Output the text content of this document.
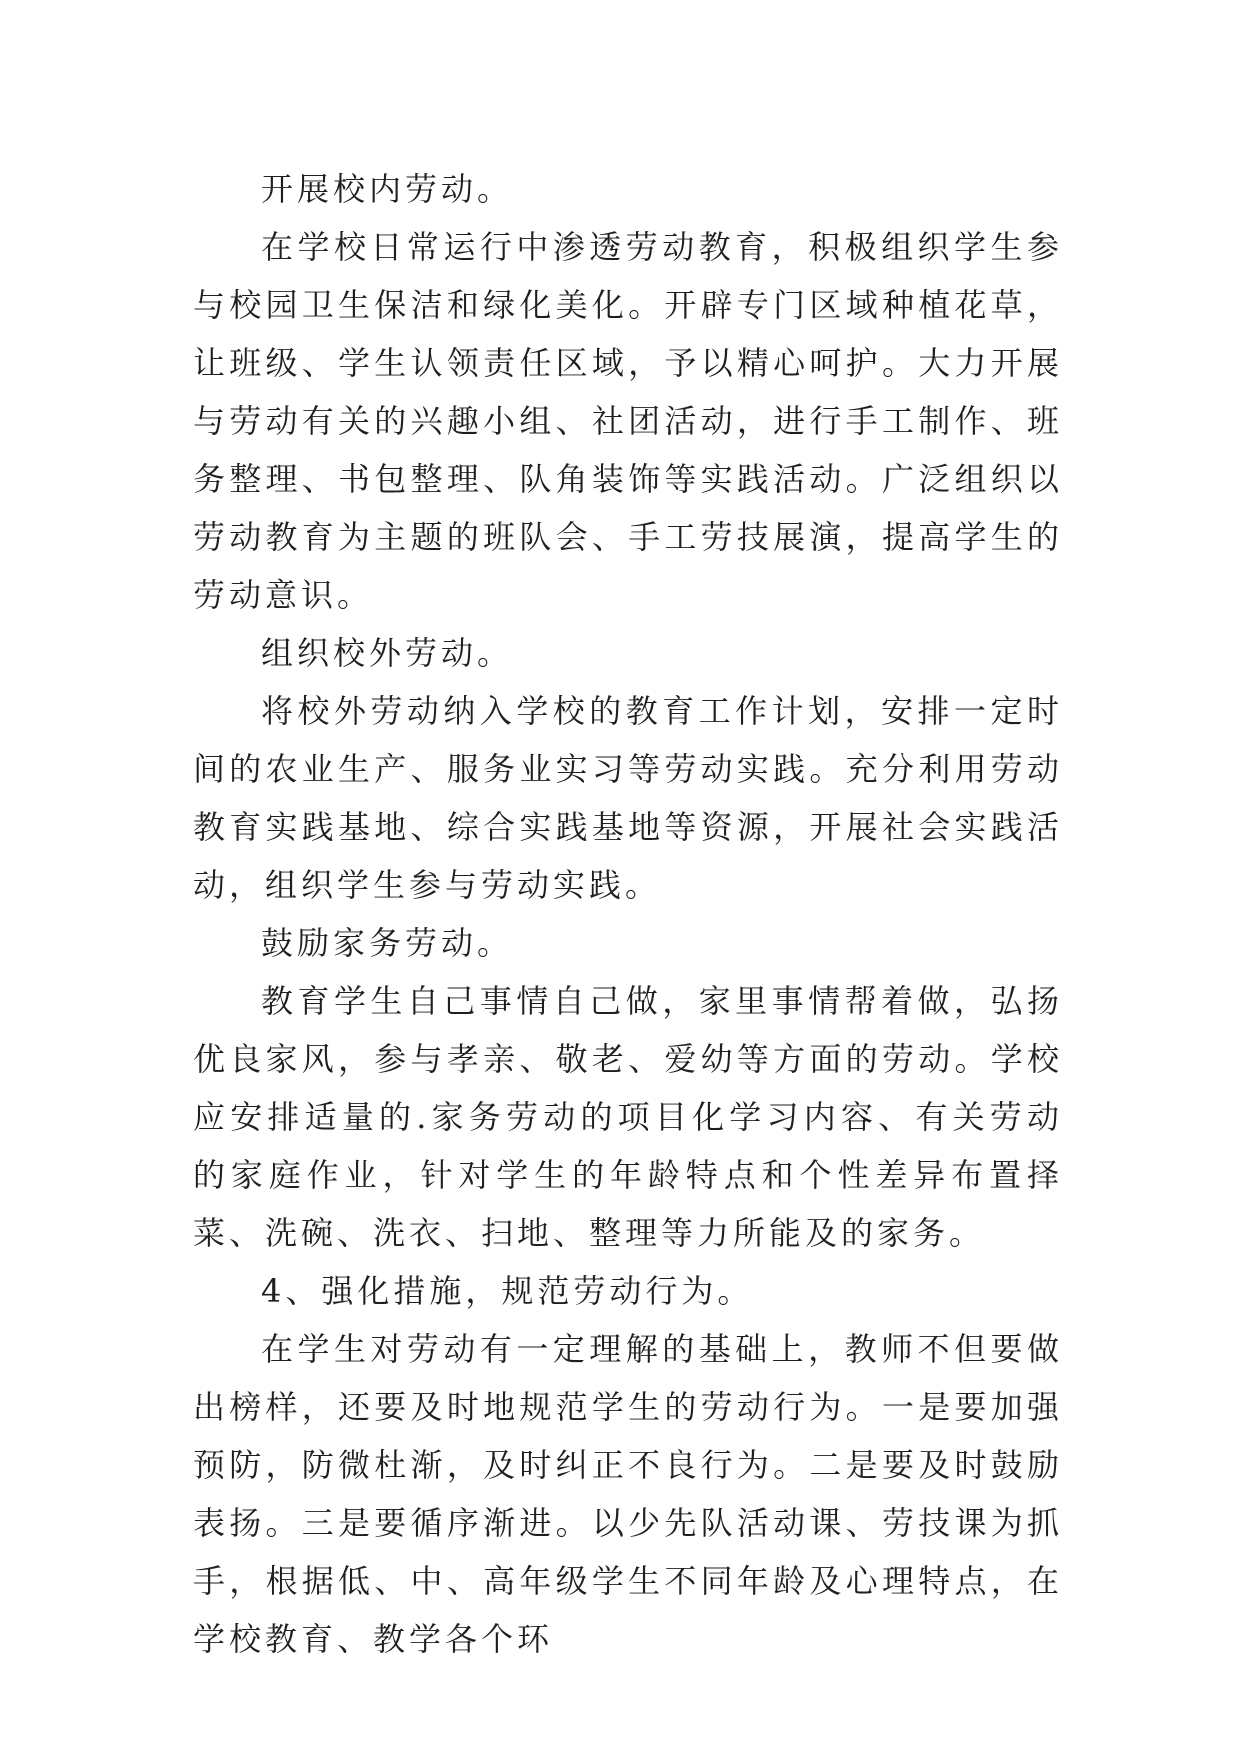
开展校内劳动。

在学校日常运行中渗透劳动教育，积极组织学生参与校园卫生保洁和绿化美化。开辟专门区域种植花草，让班级、学生认领责任区域，予以精心呵护。大力开展与劳动有关的兴趣小组、社团活动，进行手工制作、班务整理、书包整理、队角装饰等实践活动。广泛组织以劳动教育为主题的班队会、手工劳技展演，提高学生的劳动意识。

组织校外劳动。

将校外劳动纳入学校的教育工作计划，安排一定时间的农业生产、服务业实习等劳动实践。充分利用劳动教育实践基地、综合实践基地等资源，开展社会实践活动，组织学生参与劳动实践。

鼓励家务劳动。

教育学生自己事情自己做，家里事情帮着做，弘扬优良家风，参与孝亲、敬老、爱幼等方面的劳动。学校应安排适量的.家务劳动的项目化学习内容、有关劳动的家庭作业，针对学生的年龄特点和个性差异布置择菜、洗碗、洗衣、扫地、整理等力所能及的家务。

4、强化措施，规范劳动行为。

在学生对劳动有一定理解的基础上，教师不但要做出榜样，还要及时地规范学生的劳动行为。一是要加强预防，防微杜渐，及时纠正不良行为。二是要及时鼓励表扬。三是要循序渐进。以少先队活动课、劳技课为抓手，根据低、中、高年级学生不同年龄及心理特点，在学校教育、教学各个环
